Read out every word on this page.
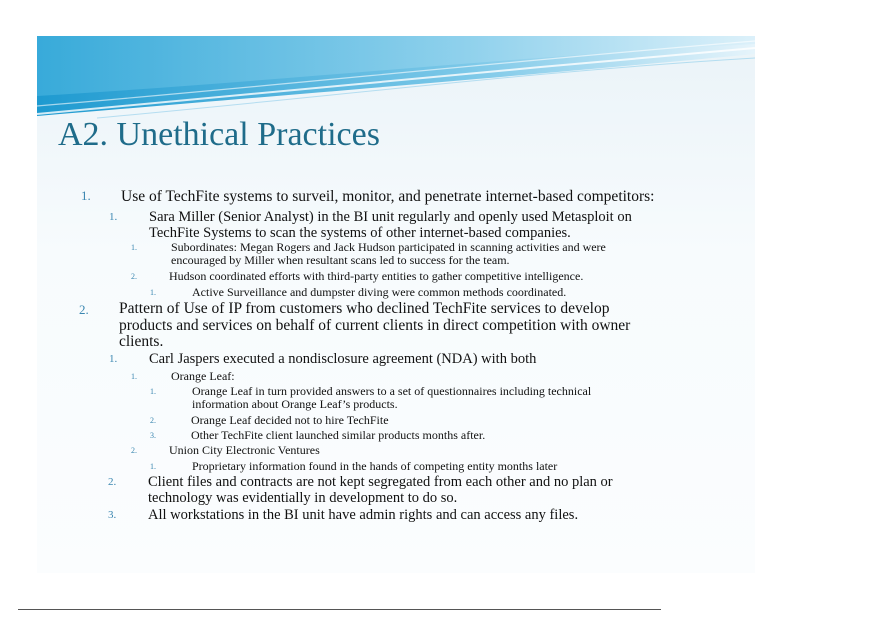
A2. Unethical Practices
1. Use of TechFite systems to surveil, monitor, and penetrate internet-based competitors:
1. Sara Miller (Senior Analyst) in the BI unit regularly and openly used Metasploit on
TechFite Systems to scan the systems of other internet-based companies.
1.	Subordinates: Megan Rogers and Jack Hudson participated in scanning activities and were
encouraged by Miller when resultant scans led to success for the team.
2.	Hudson coordinated efforts with third-party entities to gather competitive intelligence.
1.	Active Surveillance and dumpster diving were common methods coordinated.
2. Pattern of Use of IP from customers who declined TechFite services to develop
products and services on behalf of current clients in direct competition with owner
clients.
1. Carl Jaspers executed a nondisclosure agreement (NDA) with both
1.	Orange Leaf:
1.	Orange Leaf in turn provided answers to a set of questionnaires including technical
information about Orange Leaf’s products.
2.	Orange Leaf decided not to hire TechFite
3.	Other TechFite client launched similar products months after.
2.	Union City Electronic Ventures
1.	Proprietary information found in the hands of competing entity months later
2. Client files and contracts are not kept segregated from each other and no plan or
technology was evidentially in development to do so.
3. All workstations in the BI unit have admin rights and can access any files.
